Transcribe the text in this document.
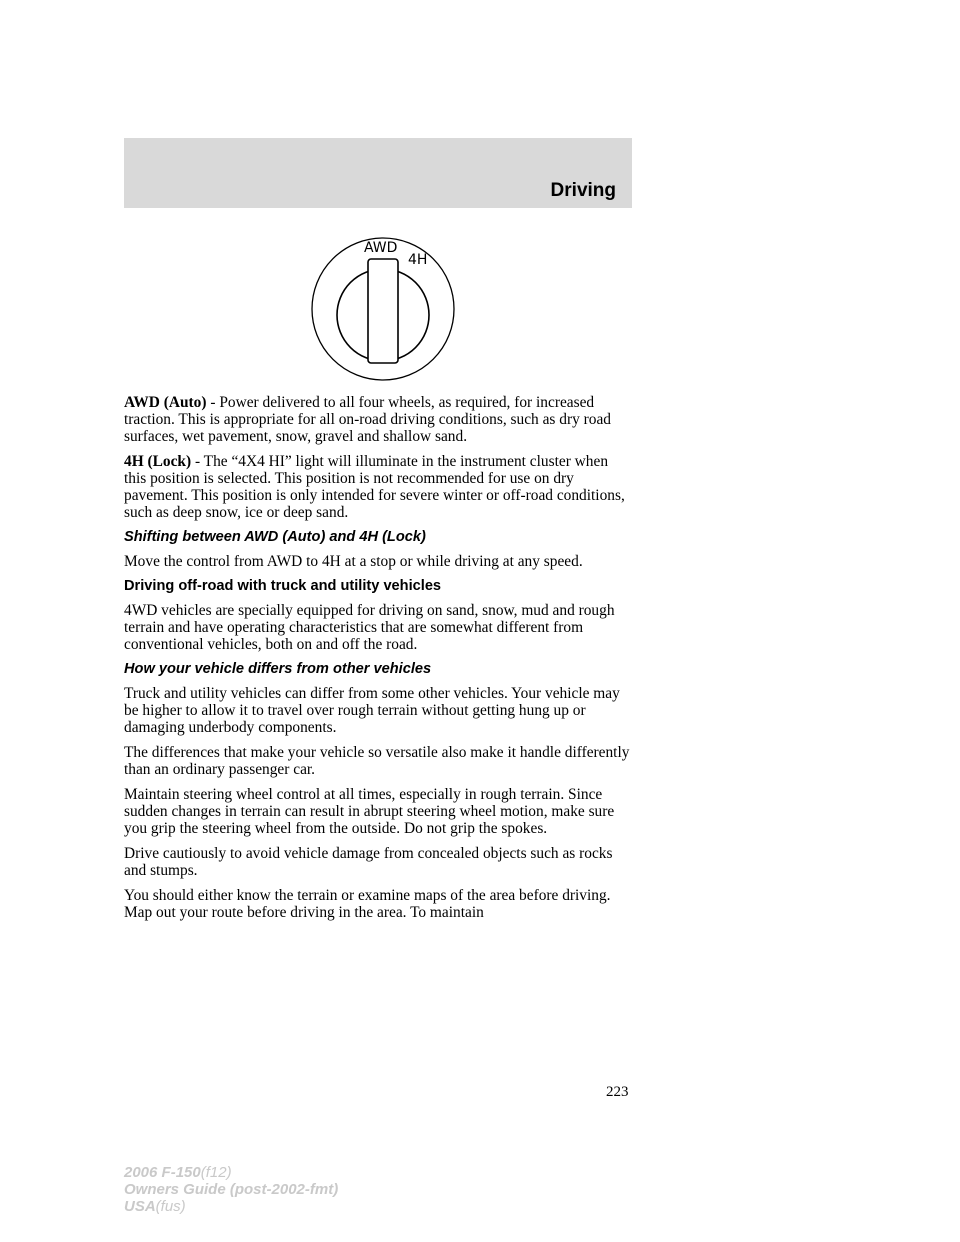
Driving
AWD
4H

AWD (Auto) - Power delivered to all four wheels, as required, for increased traction. This is appropriate for all on-road driving conditions, such as dry road surfaces, wet pavement, snow, gravel and shallow sand.

4H (Lock) - The “4X4 HI” light will illuminate in the instrument cluster when this position is selected. This position is not recommended for use on dry pavement. This position is only intended for severe winter or off-road conditions, such as deep snow, ice or deep sand.

Shifting between AWD (Auto) and 4H (Lock)

Move the control from AWD to 4H at a stop or while driving at any speed.

Driving off-road with truck and utility vehicles

4WD vehicles are specially equipped for driving on sand, snow, mud and rough terrain and have operating characteristics that are somewhat different from conventional vehicles, both on and off the road.

How your vehicle differs from other vehicles

Truck and utility vehicles can differ from some other vehicles. Your vehicle may be higher to allow it to travel over rough terrain without getting hung up or damaging underbody components.

The differences that make your vehicle so versatile also make it handle differently than an ordinary passenger car.

Maintain steering wheel control at all times, especially in rough terrain. Since sudden changes in terrain can result in abrupt steering wheel motion, make sure you grip the steering wheel from the outside. Do not grip the spokes.

Drive cautiously to avoid vehicle damage from concealed objects such as rocks and stumps.

You should either know the terrain or examine maps of the area before driving. Map out your route before driving in the area. To maintain

223
2006 F-150(f12)
Owners Guide (post-2002-fmt)
USA(fus)
